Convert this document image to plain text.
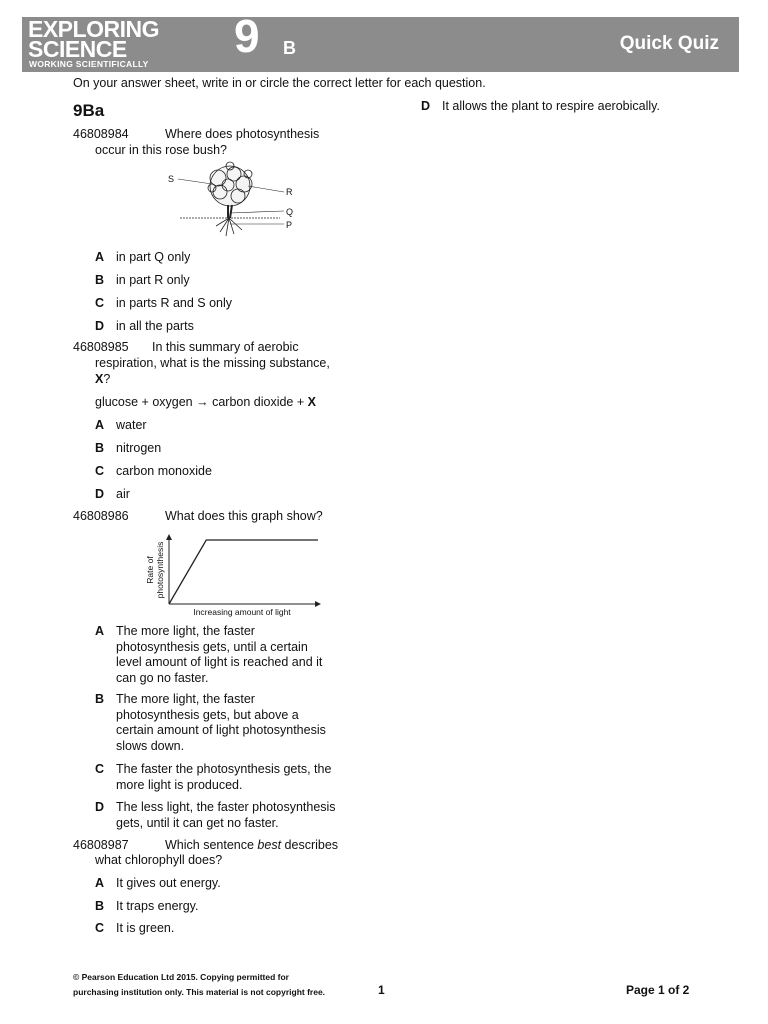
EXPLORING
SCIENCE
WORKING SCIENTIFICALLY
9 B	Quick Quiz
On your answer sheet, write in or circle the correct letter for each question.
9Ba
46808984	Where does photosynthesis
occur in this rose bush?
S
R
Q
P
A in part Q only
B in part R only
C in parts R and S only
D in all the parts
46808985 In this summary of aerobic
respiration, what is the missing substance,
X?
glucose + oxygen → carbon dioxide + X
A water
B nitrogen
C carbon monoxide
D air
46808986	What does this graph show?
Rate of photosynthesis
Increasing amount of light
A The more light, the faster
photosynthesis gets, until a certain
level amount of light is reached and it
can go no faster.
B The more light, the faster
photosynthesis gets, but above a
certain amount of light photosynthesis
slows down.
C The faster the photosynthesis gets, the
more light is produced.
D The less light, the faster photosynthesis
gets, until it can get no faster.
46808987	Which sentence best describes
what chlorophyll does?
A It gives out energy.
B It traps energy.
C It is green.
D It allows the plant to respire aerobically.
© Pearson Education Ltd 2015. Copying permitted for
purchasing institution only. This material is not copyright free.	1	Page 1 of 2
